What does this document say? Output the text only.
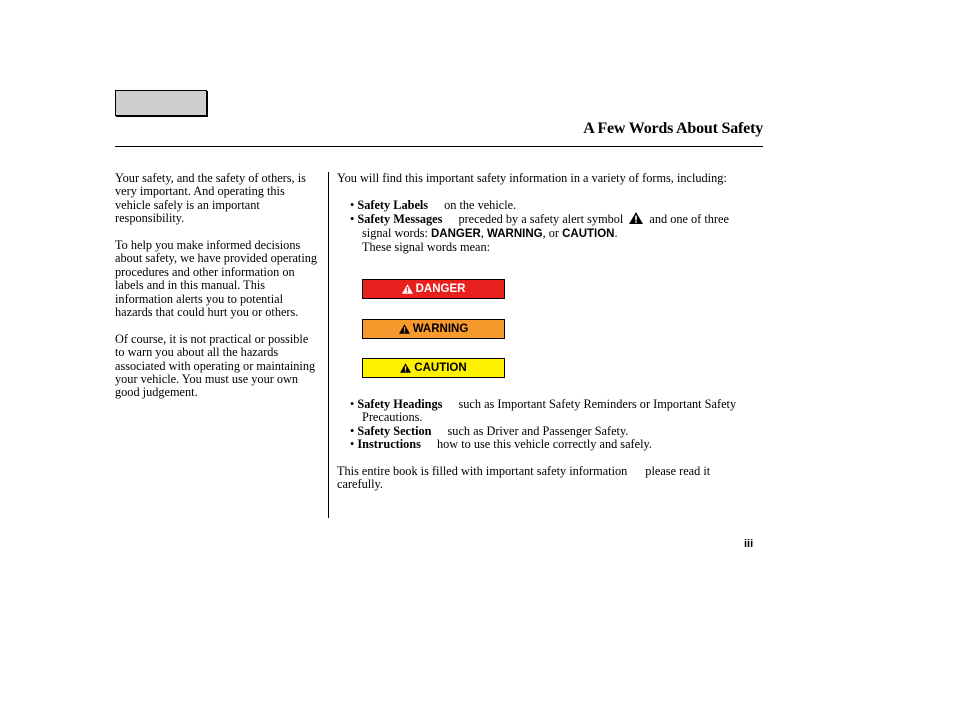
A Few Words About Safety

Your safety, and the safety of others, is very important. And operating this vehicle safely is an important responsibility.

To help you make informed decisions about safety, we have provided operating procedures and other information on labels and in this manual. This information alerts you to potential hazards that could hurt you or others.

Of course, it is not practical or possible to warn you about all the hazards associated with operating or maintaining your vehicle. You must use your own good judgement.

You will find this important safety information in a variety of forms, including:

• Safety Labels on the vehicle.
• Safety Messages preceded by a safety alert symbol and one of three signal words: DANGER, WARNING, or CAUTION.

These signal words mean:

DANGER
WARNING
CAUTION
• Safety Headings such as Important Safety Reminders or Important Safety Precautions.
• Safety Section such as Driver and Passenger Safety.
• Instructions how to use this vehicle correctly and safely.
This entire book is filled with important safety information please read it carefully.
iii
